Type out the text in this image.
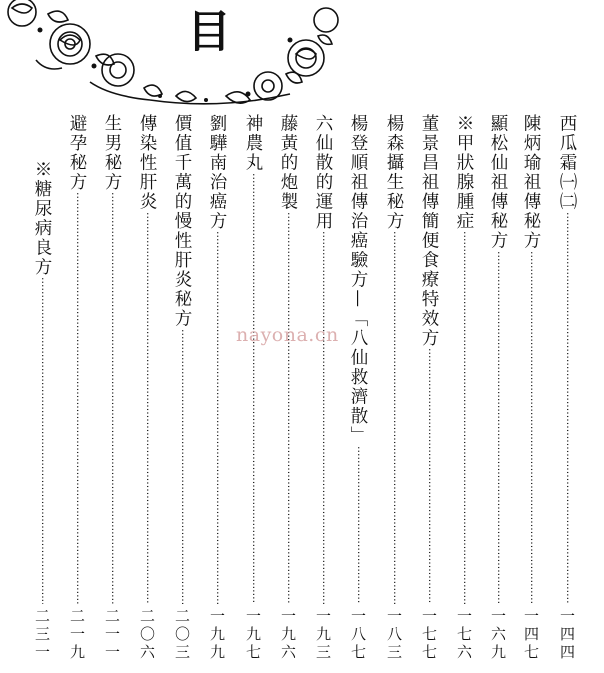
目
西瓜霜㈠㈡
·····
一四四
陳炳瑜祖傳秘方
·····
一四七
顯松仙祖傳秘方
·····
一六九
※甲狀腺腫症
·····
一七六
董景昌祖傳簡便食療特效方
·····
一七七
楊森攝生秘方
·····
一八三
楊登順祖傳治癌驗方—「八仙救濟散」
·····
一八七
六仙散的運用
·····
一九三
藤黃的炮製
·····
一九六
神農丸
·····
一九七
劉驊南治癌方
·····
一九九
價值千萬的慢性肝炎秘方
·····
二〇三
傳染性肝炎
·····
二〇六
生男秘方
·····
二一一
避孕秘方
·····
二一九
※糖尿病良方
·····
二三一
nayona.cn
